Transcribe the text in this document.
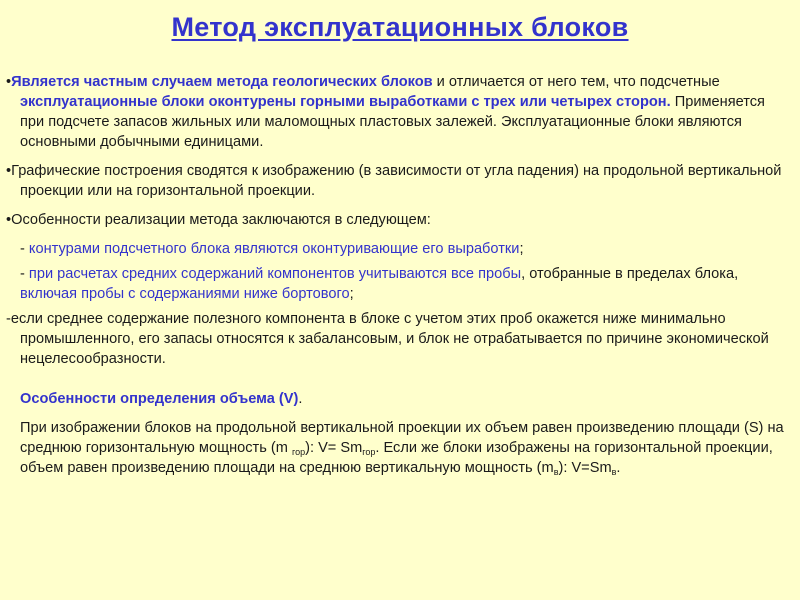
Метод эксплуатационных блоков

•Является частным случаем метода геологических блоков и отличается от него тем, что подсчетные эксплуатационные блоки оконтурены горными выработками с трех или четырех сторон. Применяется при подсчете запасов жильных или маломощных пластовых залежей. Эксплуатационные блоки являются основными добычными единицами.

•Графические построения сводятся к изображению (в зависимости от угла падения) на продольной вертикальной проекции или на горизонтальной проекции.

•Особенности реализации метода заключаются в следующем:

- контурами подсчетного блока являются оконтуривающие его выработки;

- при расчетах средних содержаний компонентов учитываются все пробы, отобранные в пределах блока, включая пробы с содержаниями ниже бортового;

-если среднее содержание полезного компонента в блоке с учетом этих проб окажется ниже минимально промышленного, его запасы относятся к забалансовым, и блок не отрабатывается по причине экономической нецелесообразности.

Особенности определения объема (V).

При изображении блоков на продольной вертикальной проекции их объем равен произведению площади (S) на среднюю горизонтальную мощность (m $_{гор}$): $V= Sm_{гор}$. Если же блоки изображены на горизонтальной проекции, объем равен произведению площади на среднюю вертикальную мощность $(m_в)$: $V=Sm_в$.
